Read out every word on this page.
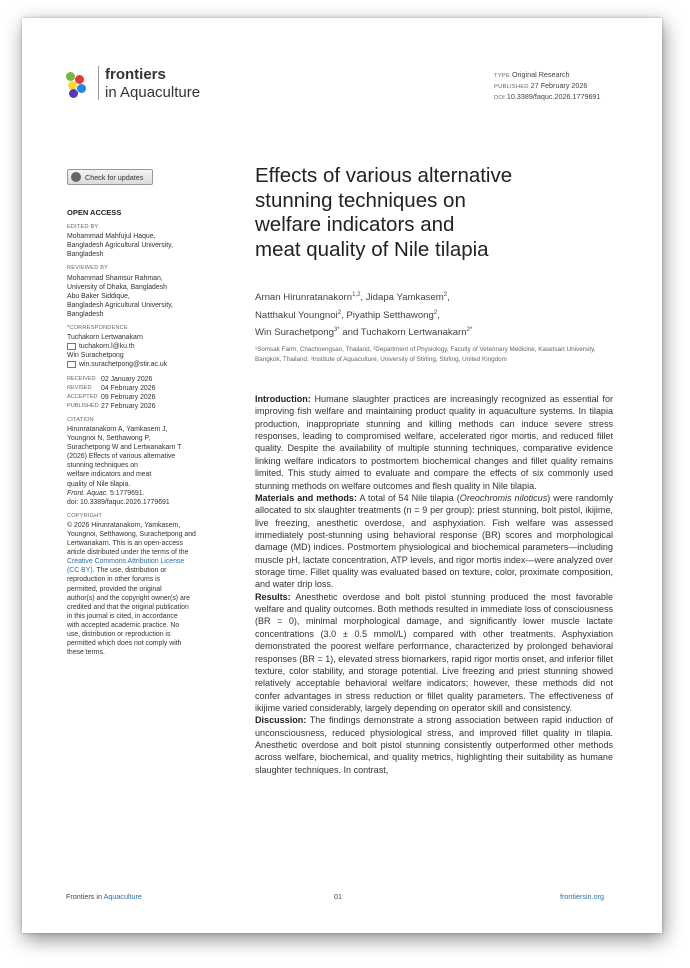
frontiers
in Aquaculture
TYPE Original Research
PUBLISHED 27 February 2026
DOI 10.3389/faquc.2026.1779691
Check for updates
OPEN ACCESS
EDITED BY
Mohammad Mahfujul Haque,
Bangladesh Agricultural University,
Bangladesh
REVIEWED BY
Mohammad Shamsur Rahman,
University of Dhaka, Bangladesh
Abu Baker Siddique,
Bangladesh Agricultural University,
Bangladesh
*CORRESPONDENCE
Tuchakorn Lertwanakarn
tuchakorn.l@ku.th
Win Surachetpong
win.surachetpong@stir.ac.uk
RECEIVED 02 January 2026
REVISED	04 February 2026
ACCEPTED 09 February 2026
PUBLISHED 27 February 2026
CITATION
Hirunratanakorn A, Yamkasem J,
Youngnoi N, Setthawong P,
Surachetpong W and Lertwanakarn T
(2026) Effects of various alternative
stunning techniques on
welfare indicators and meat
quality of Nile tilapia.
Front. Aquac. 5:1779691.
doi: 10.3389/faquc.2026.1779691
COPYRIGHT
© 2026 Hirunratanakorn, Yamkasem,
Youngnoi, Setthawong, Surachetpong and
Lertwanakarn. This is an open-access
article distributed under the terms of the
Creative Commons Attribution License
(CC BY). The use, distribution or
reproduction in other forums is
permitted, provided the original
author(s) and the copyright owner(s) are
credited and that the original publication
in this journal is cited, in accordance
with accepted academic practice. No
use, distribution or reproduction is
permitted which does not comply with
these terms.
Effects of various alternative
stunning techniques on
welfare indicators and
meat quality of Nile tilapia
Arnan Hirunratanakorn$^{1,2}$, Jidapa Yamkasem$^2$,
Natthakul Youngnoi$^2$, Piyathip Setthawong$^2$,
Win Surachetpong$^{3*}$ and Tuchakorn Lertwanakarn$^{2*}$
¹Somsak Farm, Chachoengsao, Thailand, ²Department of Physiology, Faculty of Veterinary Medicine, Kasetsart University, Bangkok, Thailand, ³Institute of Aquaculture, University of Stirling, Stirling, United Kingdom

Introduction: Humane slaughter practices are increasingly recognized as essential for improving fish welfare and maintaining product quality in aquaculture systems. In tilapia production, inappropriate stunning and killing methods can induce severe stress responses, leading to compromised welfare, accelerated rigor mortis, and reduced fillet quality. Despite the availability of multiple stunning techniques, comparative evidence linking welfare indicators to postmortem biochemical changes and fillet quality remains limited. This study aimed to evaluate and compare the effects of six commonly used stunning methods on welfare outcomes and flesh quality in Nile tilapia.

Materials and methods: A total of 54 Nile tilapia (Oreochromis niloticus) were randomly allocated to six slaughter treatments (n = 9 per group): priest stunning, bolt pistol, ikijime, live freezing, anesthetic overdose, and asphyxiation. Fish welfare was assessed immediately post-stunning using behavioral response (BR) scores and morphological damage (MD) indices. Postmortem physiological and biochemical parameters—including muscle pH, lactate concentration, ATP levels, and rigor mortis index—were analyzed over storage time. Fillet quality was evaluated based on texture, color, proximate composition, and water drip loss.

Results: Anesthetic overdose and bolt pistol stunning produced the most favorable welfare and quality outcomes. Both methods resulted in immediate loss of consciousness (BR = 0), minimal morphological damage, and significantly lower muscle lactate concentrations (3.0 ± 0.5 mmol/L) compared with other treatments. Asphyxiation demonstrated the poorest welfare performance, characterized by prolonged behavioral responses (BR = 1), elevated stress biomarkers, rapid rigor mortis onset, and inferior fillet texture, color stability, and storage potential. Live freezing and priest stunning showed relatively acceptable behavioral welfare indicators; however, these methods did not confer advantages in stress reduction or fillet quality parameters. The effectiveness of ikijime varied considerably, largely depending on operator skill and consistency.

Discussion: The findings demonstrate a strong association between rapid induction of unconsciousness, reduced physiological stress, and improved fillet quality in tilapia. Anesthetic overdose and bolt pistol stunning consistently outperformed other methods across welfare, biochemical, and quality metrics, highlighting their suitability as humane slaughter techniques. In contrast,

Frontiers in Aquaculture	01	frontiersin.org
